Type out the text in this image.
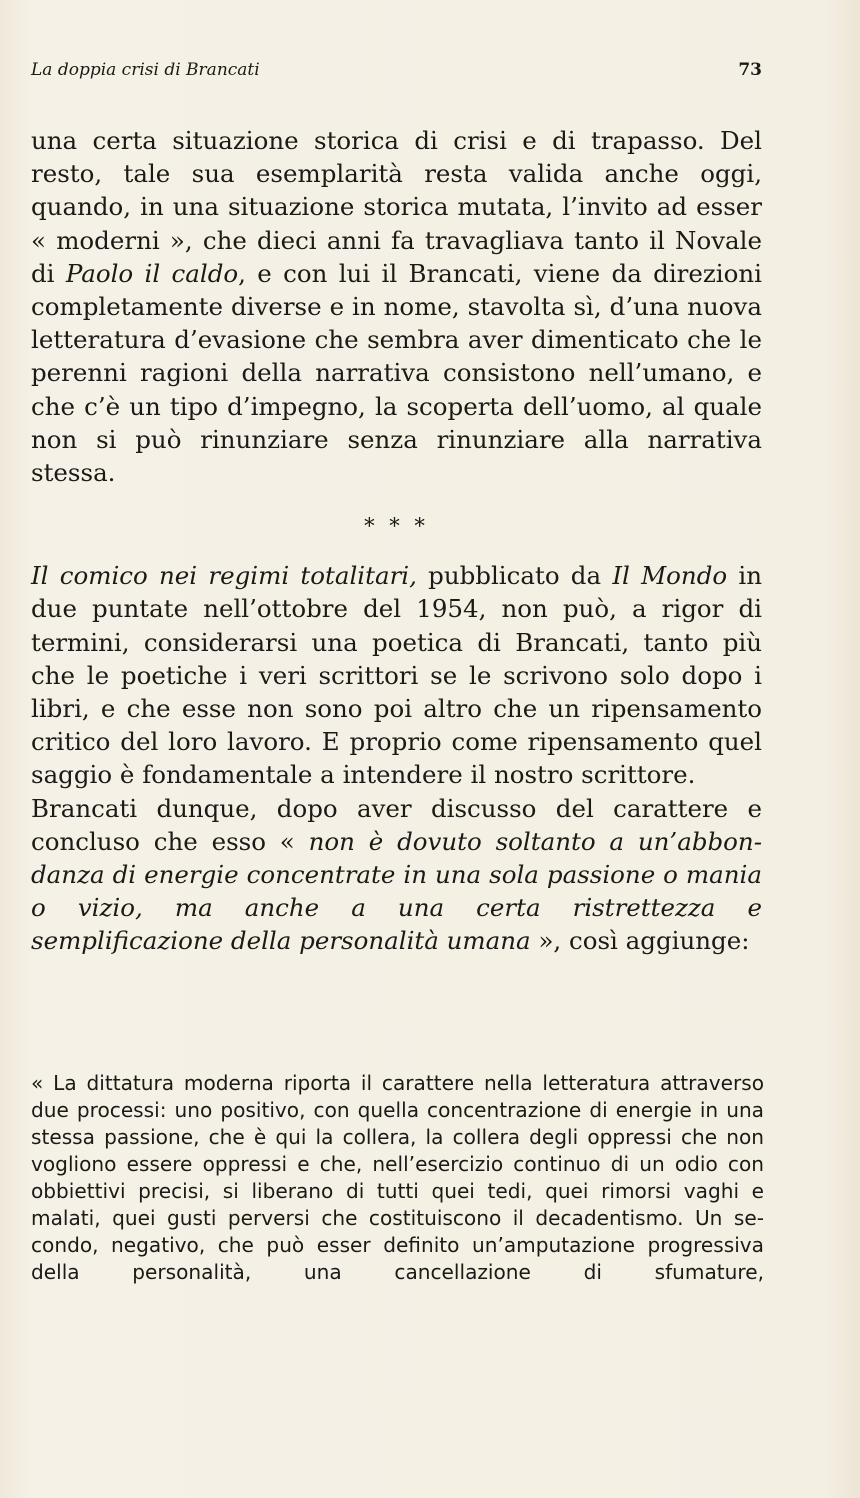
La doppia crisi di Brancati	73

una certa situazione storica di crisi e di trapasso. Del resto, tale sua esemplarità resta valida anche oggi, quando, in una situazione storica mutata, l’invito ad esser « moderni », che dieci anni fa travagliava tanto il Novale di Paolo il caldo, e con lui il Brancati, viene da direzioni completamente diverse e in nome, stavolta sì, d’una nuova letteratura d’evasione che sembra aver dimenticato che le perenni ragioni della narrativa consistono nell’umano, e che c’è un tipo d’impegno, la scoperta dell’uomo, al quale non si può rinunziare senza rinunziare alla narrativa stessa.

* * *

Il comico nei regimi totalitari, pubblicato da Il Mondo in due puntate nell’ottobre del 1954, non può, a rigor di termini, considerarsi una poetica di Brancati, tanto più che le poetiche i veri scrittori se le scrivono solo dopo i libri, e che esse non sono poi altro che un ripensamento critico del loro lavoro. E proprio come ripensamento quel saggio è fondamentale a intendere il nostro scrittore.

Brancati dunque, dopo aver discusso del carattere e concluso che esso « non è dovuto soltanto a un’abbondanza di energie concentrate in una sola passione o mania o vizio, ma anche a una certa ristrettezza e semplificazione della personalità umana », così aggiunge:

« La dittatura moderna riporta il carattere nella letteratura attraverso due processi: uno positivo, con quella concentrazione di energie in una stessa passione, che è qui la collera, la collera degli oppressi che non vogliono essere oppressi e che, nell’esercizio continuo di un odio con obbiettivi precisi, si liberano di tutti quei tedi, quei rimorsi vaghi e malati, quei gusti perversi che costituiscono il decadentismo. Un secondo, negativo, che può esser definito un’amputazione progressiva della personalità, una cancellazione di sfumature,
